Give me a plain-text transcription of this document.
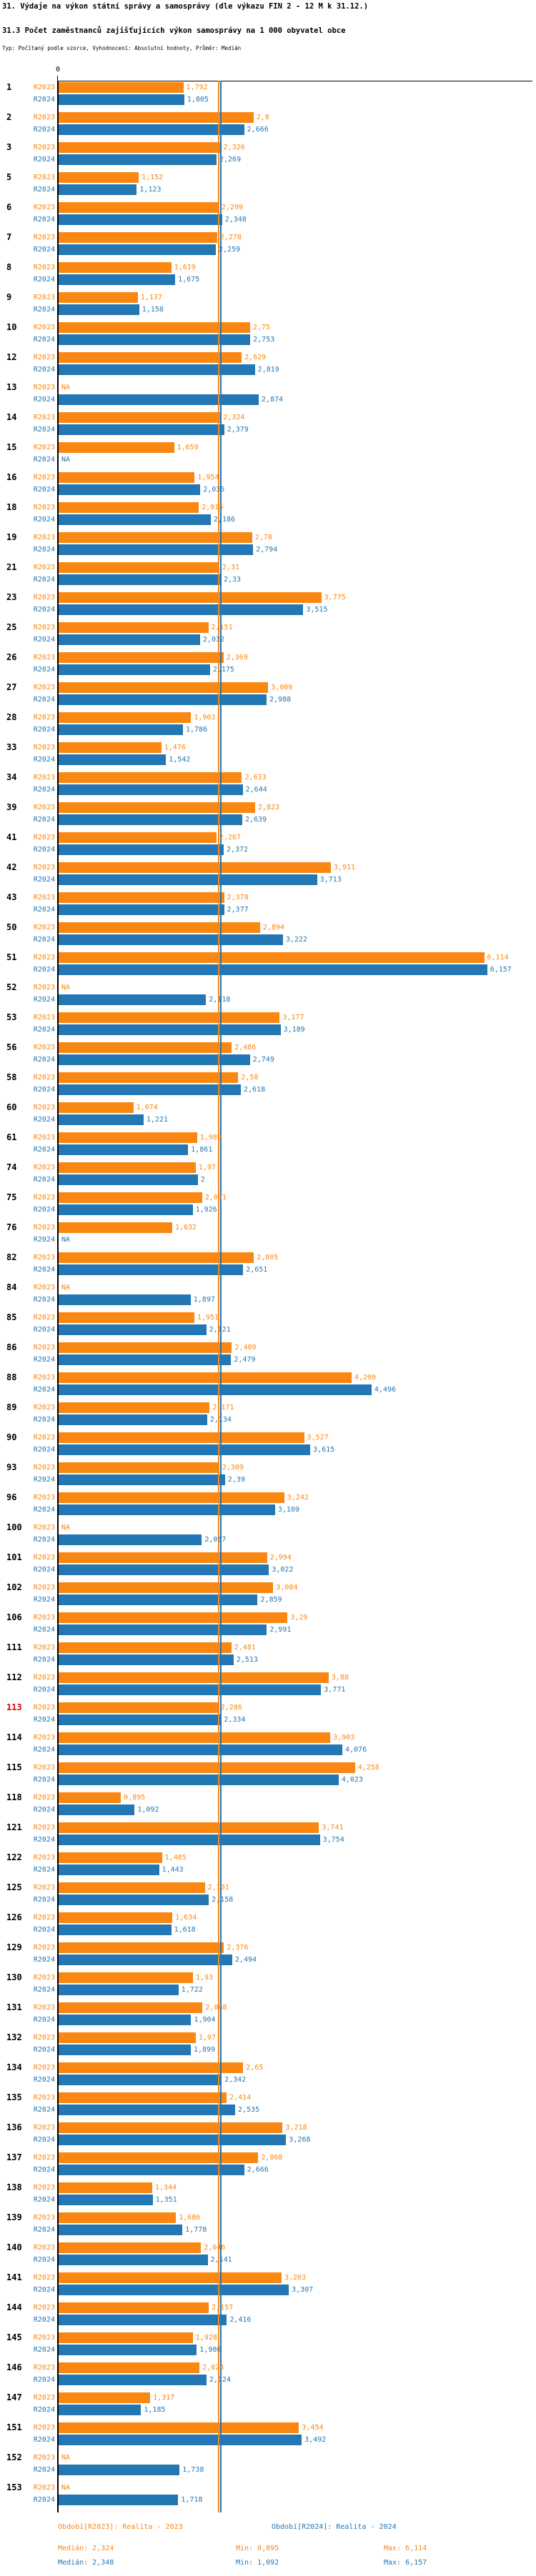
31. Výdaje na výkon státní správy a samosprávy (dle výkazu FIN 2 - 12 M k 31.12.)
31.3 Počet zaměstnanců zajišťujících výkon samosprávy na 1 000 obyvatel obce
Typ: Počítaný podle vzorce, Vyhodnocení: Absolutní hodnoty, Průměr: Medián
0
1	R2023	1,792
R2024	1,805
2	R2023	2,8
R2024	2,666
3	R2023	2,326
R2024	2,269
5	R2023	1,152
R2024	1,123
6	R2023	2,299
R2024	2,348
7	R2023	2,278
R2024	2,259
8	R2023	1,619
R2024	1,675
9	R2023	1,137
R2024	1,158
10	R2023	2,75
R2024	2,753
12	R2023	2,629
R2024	2,819
13	R2023 NA
R2024	2,874
14	R2023	2,324
R2024	2,379
15	R2023	1,659
R2024 NA
16	R2023	1,954
R2024	2,035
18	R2023	2,015
R2024	2,186
19	R2023	2,78
R2024	2,794
21	R2023	2,31
R2024	2,33
23	R2023	3,775
R2024	3,515
25	R2023	2,151
R2024	2,032
26	R2023	2,369
R2024	2,175
27	R2023	3,009
R2024	2,988
28	R2023	1,903
R2024	1,786
33	R2023	1,476
R2024	1,542
34	R2023	2,633
R2024	2,644
39	R2023	2,823
R2024	2,639
41	R2023	2,267
R2024	2,372
42	R2023	3,911
R2024	3,713
43	R2023	2,378
R2024	2,377
50	R2023	2,894
R2024	3,222
51	R2023	6,114
R2024	6,157
52	R2023 NA
R2024	2,118
53	R2023	3,177
R2024	3,189
56	R2023	2,486
R2024	2,749
58	R2023	2,58
R2024	2,618
60	R2023	1,074
R2024	1,221
61	R2023	1,989
R2024	1,861
74	R2023	1,97
R2024	2
75	R2023	2,061
R2024	1,926
76	R2023	1,632
R2024 NA
82	R2023	2,805
R2024	2,651
84	R2023 NA
R2024	1,897
85	R2023	1,951
R2024	2,121
86	R2023	2,489
R2024	2,479
88	R2023	4,209
R2024	4,496
89	R2023	2,171
R2024	2,134
90	R2023	3,527
R2024	3,615
93	R2023	2,309
R2024	2,39
96	R2023	3,242
R2024	3,109
100	R2023 NA
R2024	2,057
101	R2023	2,994
R2024	3,022
102	R2023	3,084
R2024	2,859
106	R2023	3,29
R2024	2,991
111	R2023	2,481
R2024	2,513
112	R2023	3,88
R2024	3,771
113	R2023	2,286
R2024	2,334
114	R2023	3,903
R2024	4,076
115	R2023	4,258
R2024	4,023
118	R2023	0,895
R2024	1,092
121	R2023	3,741
R2024	3,754
122	R2023	1,485
R2024	1,443
125	R2023	2,101
R2024	2,158
126	R2023	1,634
R2024	1,618
129	R2023	2,376
R2024	2,494
130	R2023	1,93
R2024	1,722
131	R2023	2,068
R2024	1,904
132	R2023	1,97
R2024	1,899
134	R2023	2,65
R2024	2,342
135	R2023	2,414
R2024	2,535
136	R2023	3,218
R2024	3,268
137	R2023	2,868
R2024	2,666
138	R2023	1,344
R2024	1,351
139	R2023	1,686
R2024	1,778
140	R2023	2,046
R2024	2,141
141	R2023	3,203
R2024	3,307
144	R2023	2,157
R2024	2,416
145	R2023	1,928
R2024	1,986
146	R2023	2,024
R2024	2,124
147	R2023	1,317
R2024	1,185
151	R2023	3,454
R2024	3,492
152	R2023 NA
R2024	1,738
153	R2023 NA
R2024	1,718
Období[R2023]: Realita - 2023	Období[R2024]: Realita - 2024
Medián: 2,324	Min: 0,895	Max: 6,114
Medián: 2,348	Min: 1,092	Max: 6,157
